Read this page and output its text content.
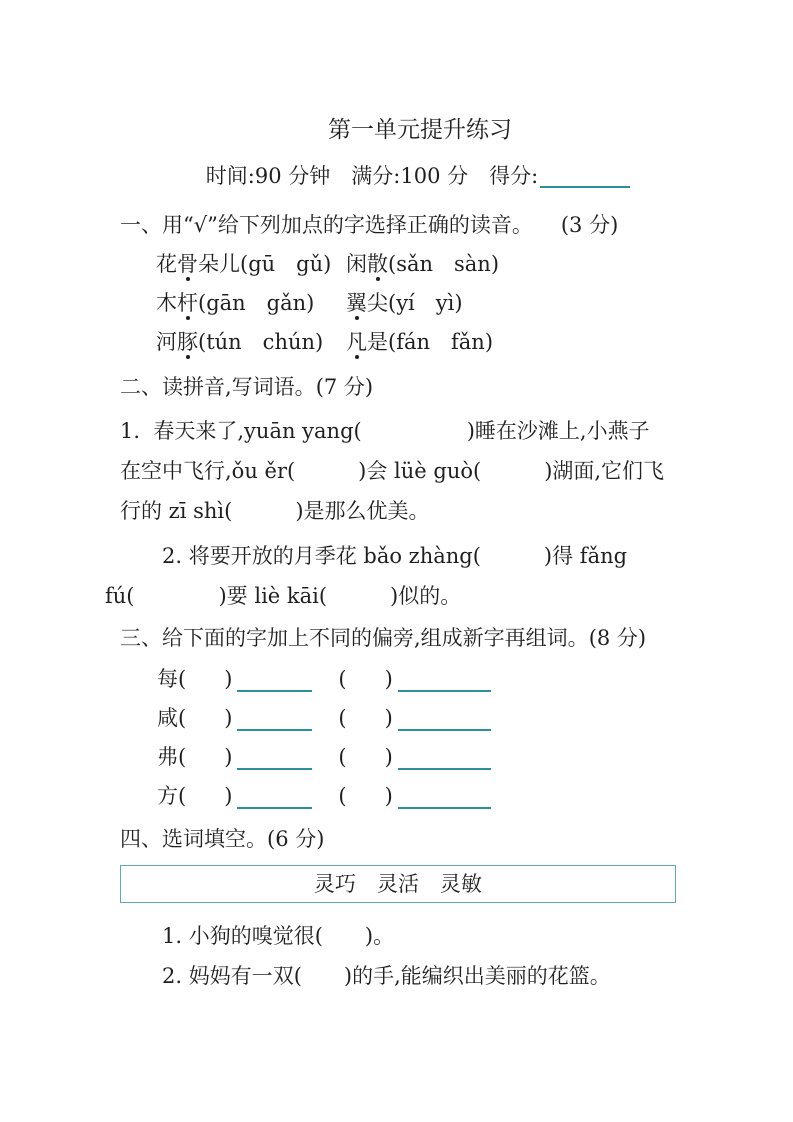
第一单元提升练习
时间:90 分钟　满分:100 分　得分:
一、用“√”给下列加点的字选择正确的读音。 (3 分)
花骨朵儿(gū　gǔ) 闲散(sǎn　sàn)
木杆(gān　gǎn)	翼尖(yí　yì)
河豚(tún　chún)	凡是(fán　fǎn)
二、读拼音,写词语。(7 分)
1.  春天来了,yuān yang(　　　　　)睡在沙滩上,小燕子
在空中飞行,ǒu ěr(　　　)会 lüè guò(　　　)湖面,它们飞
行的 zī shì(　　　)是那么优美。
2. 将要开放的月季花 bǎo zhàng(　　　)得 fǎng
fú(　　　　)要 liè kāi(　　　)似的。
三、给下面的字加上不同的偏旁,组成新字再组词。(8 分)
每( )	( )
咸( )	( )
弗( )	( )
方( )	( )
四、选词填空。(6 分)
灵巧　灵活　灵敏
1. 小狗的嗅觉很(　　)。
2. 妈妈有一双(　　)的手,能编织出美丽的花篮。
